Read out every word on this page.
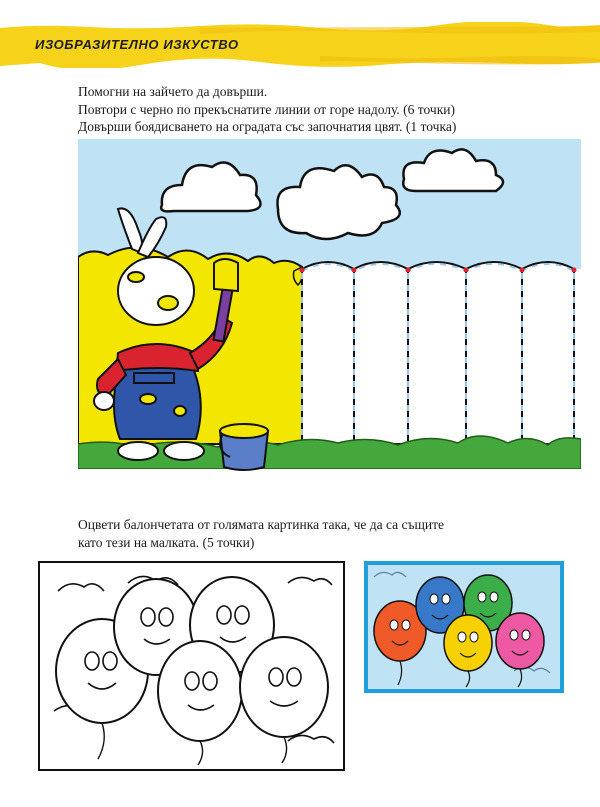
ИЗОБРАЗИТЕЛНО ИЗКУСТВО
Помогни на зайчето да довърши.
Повтори с черно по прекъснатите линии от горе надолу. (6 точки)
Довърши боядисването на оградата със започнатия цвят. (1 точка)
Оцвети балончетата от голямата картинка така, че да са същите
като тези на малката. (5 точки)
